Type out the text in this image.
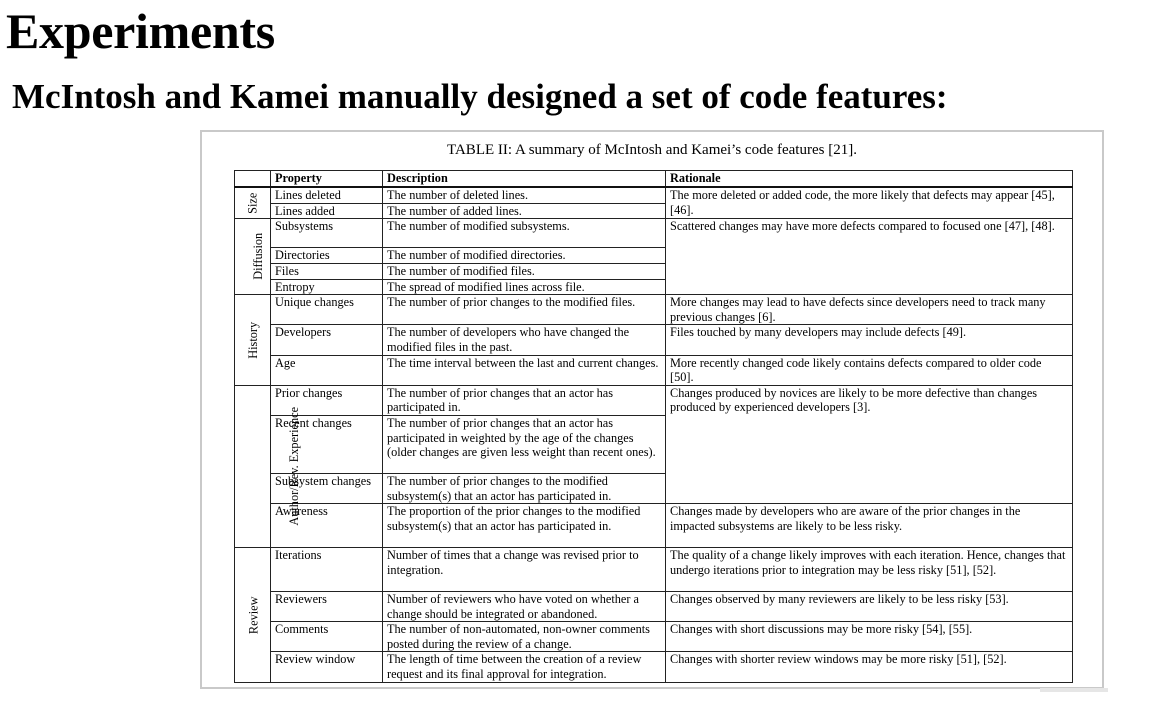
Experiments
McIntosh and Kamei manually designed a set of code features:
TABLE II: A summary of McIntosh and Kamei’s code features [21].
	Property	Description	Rationale
Size	Lines deleted	The number of deleted lines.	The more deleted or added code, the more likely that defects may appear [45], [46].
	Lines added	The number of added lines.	
Diffusion	Subsystems	The number of modified subsystems.	Scattered changes may have more defects compared to focused one [47], [48].
	Directories	The number of modified directories.	
	Files	The number of modified files.	
	Entropy	The spread of modified lines across file.	
History	Unique changes	The number of prior changes to the modified files.	More changes may lead to have defects since developers need to track many previous changes [6].
	Developers	The number of developers who have changed the modified files in the past.	Files touched by many developers may include defects [49].
	Age	The time interval between the last and current changes.	More recently changed code likely contains defects compared to older code [50].
Author/Rev. Experience	Prior changes	The number of prior changes that an actor has participated in.	Changes produced by novices are likely to be more defective than changes produced by experienced developers [3].
	Recent changes	The number of prior changes that an actor has participated in weighted by the age of the changes (older changes are given less weight than recent ones).	
	Subsystem changes	The number of prior changes to the modified subsystem(s) that an actor has participated in.	
	Awareness	The proportion of the prior changes to the modified subsystem(s) that an actor has participated in.	Changes made by developers who are aware of the prior changes in the impacted subsystems are likely to be less risky.
Review	Iterations	Number of times that a change was revised prior to integration.	The quality of a change likely improves with each iteration. Hence, changes that undergo iterations prior to integration may be less risky [51], [52].
	Reviewers	Number of reviewers who have voted on whether a change should be integrated or abandoned.	Changes observed by many reviewers are likely to be less risky [53].
	Comments	The number of non-automated, non-owner comments posted during the review of a change.	Changes with short discussions may be more risky [54], [55].
	Review window	The length of time between the creation of a review request and its final approval for integration.	Changes with shorter review windows may be more risky [51], [52].
